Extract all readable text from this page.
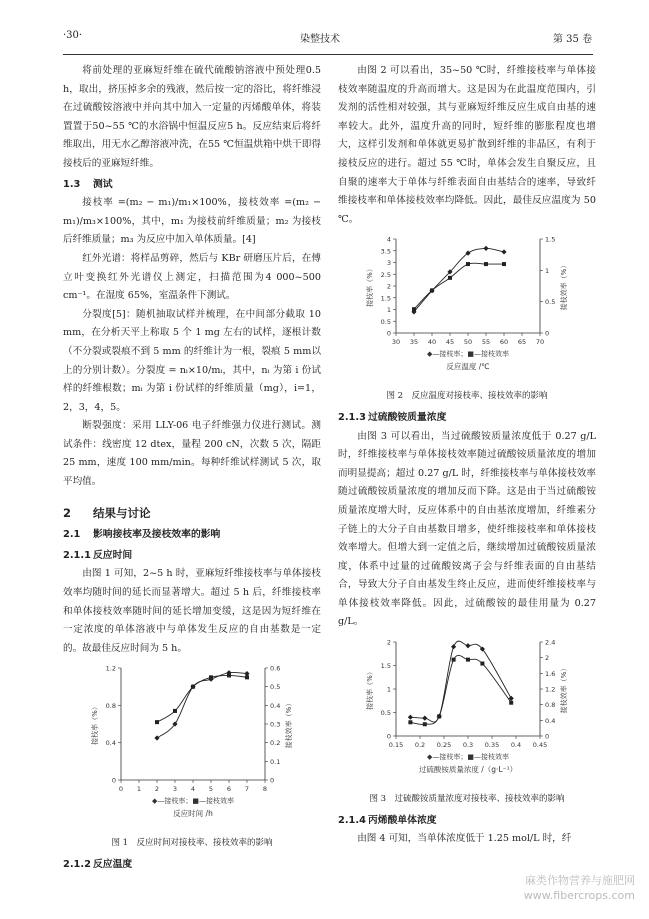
·30·	染整技术	第 35 卷

将前处理的亚麻短纤维在硫代硫酸钠溶液中预处理0.5 h，取出，挤压掉多余的残液，然后按一定的浴比，将纤维浸在过硫酸铵溶液中并向其中加入一定量的丙烯酸单体，将装置置于50~55 ℃的水浴锅中恒温反应5 h。反应结束后将纤维取出，用无水乙醇溶液冲洗，在55 ℃恒温烘箱中烘干即得接枝后的亚麻短纤维。

1.3 测试

接枝率 =(m₂ − m₁)/m₁×100%，接枝效率 =(m₂ − m₁)/m₃×100%，其中，m₁ 为接枝前纤维质量；m₂ 为接枝后纤维质量；m₃ 为反应中加入单体质量。[4]

红外光谱：将样品剪碎，然后与 KBr 研磨压片后，在傅立叶变换红外光谱仪上测定，扫描范围为4 000~500 cm⁻¹。在湿度 65%，室温条件下测试。

分裂度[5]：随机抽取试样并梳理，在中间部分截取 10 mm，在分析天平上称取 5 个 1 mg 左右的试样，逐根计数（不分裂或裂痕不到 5 mm 的纤维计为一根，裂痕 5 mm以上的分别计数）。分裂度 = nᵢ×10/mᵢ，其中，nᵢ 为第 i 份试样的纤维根数；mᵢ 为第 i 份试样的纤维质量（mg），i=1，2，3，4，5。

断裂强度：采用 LLY-06 电子纤维强力仪进行测试。测试条件：线密度 12 dtex，量程 200 cN，次数 5 次，隔距 25 mm，速度 100 mm/min。每种纤维试样测试 5 次，取平均值。

2 结果与讨论
2.1 影响接枝率及接枝效率的影响
2.1.1 反应时间

由图 1 可知，2~5 h 时，亚麻短纤维接枝率与单体接枝效率均随时间的延长而显著增大。超过 5 h 后，纤维接枝率和单体接枝效率随时间的延长增加变缓，这是因为短纤维在一定浓度的单体溶液中与单体发生反应的自由基数是一定的。故最佳反应时间为 5 h。

0 1 2 3 4 5 6 7 8
0
0.4
0.8
1.2
0
0.1
0.2
0.3
0.4
0.5
0.6
接枝率（%）	接枝效率（%）
◆—接枝率；■—接枝效率
反应时间 /h
图 1　反应时间对接枝率、接枝效率的影响
2.1.2 反应温度

由图 2 可以看出，35~50 ℃时，纤维接枝率与单体接枝效率随温度的升高而增大。这是因为在此温度范围内，引发剂的活性相对较强，其与亚麻短纤维反应生成自由基的速率较大。此外，温度升高的同时，短纤维的膨胀程度也增大，这样引发剂和单体就更易扩散到纤维的非晶区，有利于接枝反应的进行。超过 55 ℃时，单体会发生自聚反应，且自聚的速率大于单体与纤维表面自由基结合的速率，导致纤维接枝率和单体接枝效率均降低。因此，最佳反应温度为 50 ℃。

30 35 40 45 50 55 60 65 70
0
0.5
1
1.5
2
2.5
3
3.5
4
0
0.5
1
1.5
接枝率（%）	接枝效率（%）
◆—接枝率；■—接枝效率
反应温度 /℃
图 2　反应温度对接枝率、接枝效率的影响
2.1.3 过硫酸铵质量浓度

由图 3 可以看出，当过硫酸铵质量浓度低于 0.27 g/L时，纤维接枝率与单体接枝效率随过硫酸铵质量浓度的增加而明显提高；超过 0.27 g/L 时，纤维接枝率与单体接枝效率随过硫酸铵质量浓度的增加反而下降。这是由于当过硫酸铵质量浓度增大时，反应体系中的自由基浓度增加，纤维素分子链上的大分子自由基数目增多，使纤维接枝率和单体接枝效率增大。但增大到一定值之后，继续增加过硫酸铵质量浓度，体系中过量的过硫酸铵离子会与纤维表面的自由基结合，导致大分子自由基发生终止反应，进而使纤维接枝率与单体接枝效率降低。因此，过硫酸铵的最佳用量为 0.27 g/L。

0.15 0.2 0.25 0.3 0.35 0.4 0.45
0
0.5
1
1.5
2
0
0.4
0.8
1.2
1.6
2
2.4
接枝率（%）	接枝效率（%）
◆—接枝率；■—接枝效率
过硫酸铵质量浓度 /（g·L⁻¹）
图 3　过硫酸铵质量浓度对接枝率、接枝效率的影响
2.1.4 丙烯酸单体浓度

由图 4 可知，当单体浓度低于 1.25 mol/L 时，纤

麻类作物营养与施肥网
www.fibercrops.com
